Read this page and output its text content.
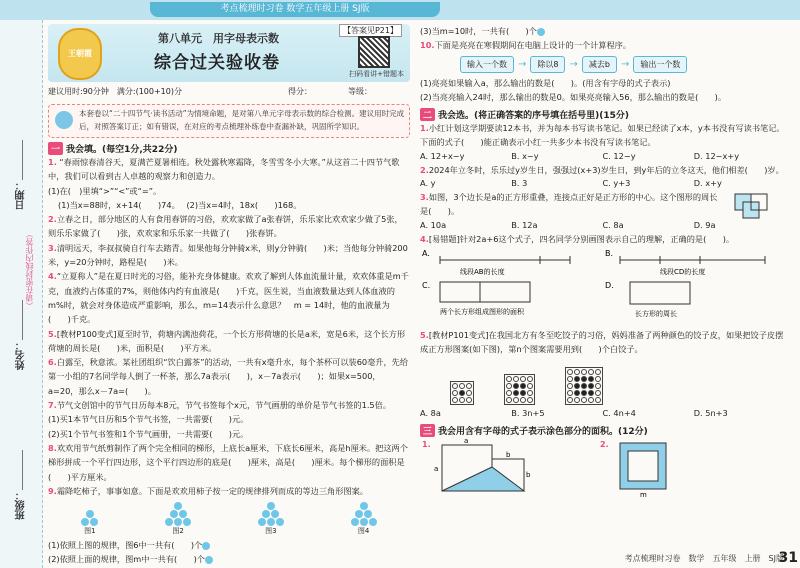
考点梳理时习卷 数学五年级上册 SJ版
日期：
（请在密封线内作答）
姓名：
班级：
王朝霞
第八单元　用字母表示数
综合过关验收卷
【答案见P21】
扫码看讲+错题本
建议用时:90分钟　满分:(100+10)分	得分：	等级：
本套卷以“二十四节气·读书活动”为情境命题，是对第八单元字母表示数的综合检测。建议用时完成后，对照答案订正；如有错误，在对应的考点梳理补练卷中查漏补缺，巩固所学知识。
一 我会填。(每空1分,共22分)
1. “春雨惊春清谷天，夏满芒夏暑相连。秋处露秋寒霜降，冬雪雪冬小大寒。”从这首二十四节气歌中，我们可以看到古人卓越的观察力和创造力。
(1)在(　)里填“>”“<”或“=”。
(1)当x=88时，x+14(　　)74。　 (2)当x=4时，18x(　　)168。
2.立春之日，部分地区的人有食用春饼的习俗，欢欢家做了a张春饼，乐乐家比欢欢家少做了5张，则乐乐家做了(　　)张，欢欢家和乐乐家一共做了(　　)张春饼。
3.清明远天，李叔叔骑自行车去踏青。如果他每分钟骑x米，则y分钟骑(　　)米；当他每分钟骑200米，y=20分钟时，路程是(　　)米。
4.“立夏称人”是在夏日时光的习俗，能补充身体健康。欢欢了解到人体血流量计量，欢欢体重是m千克，血液约占体重的7%，则他体内约有血液是(　　)千克，医生说，当血液数量达到人体血液的m%时，就会对身体造成严重影响，那么，m=14表示什么意思？　m = 14时，他的血液量为(　　)千克。
5.[教材P100变式]夏至时节，荷塘内满池荷花，一个长方形荷塘的长是a米，宽是6米，这个长方形荷塘的周长是(　　)米，面积是(　　)平方米。
6.白露至，秋意浓。某社团组织“饮白露茶”的活动，一共有x毫升水，每个茶杯可以装60毫升，先给第一小组的7名同学每人倒了一杯茶，那么7a表示(　　)，x－7a表示(　　)；如果x=500，a=20，那么x－7a=(　　)。
7.节气文创馆中的节气日历每本8元，节气书签每个x元，节气画册的单价是节气书签的1.5倍。
(1)买1本节气日历和5个节气书签，一共需要(　　)元。
(2)买1个节气书签和1个节气画册，一共需要(　　)元。
8.欢欢用节气纸剪制作了两个完全相同的梯形，上底长a厘米，下底长6厘米，高是h厘米。把这两个梯形拼成一个平行四边形，这个平行四边形的底是(　　)厘米，高是(　　)厘米。每个梯形的面积是(　　)平方厘米。
9.霜降吃柿子，事事如意。下面是欢欢用柿子按一定的规律排列而成的等边三角形图案。
图1	图2	图3	图4
(1)依照上图的规律，图6中一共有(　　)个
(2)依照上面的规律，图m中一共有(　　)个
(3)当m=10时，一共有(　　)个
10.下面是亮亮在寒假期间在电脑上设计的一个计算程序。
输入一个数	→	除以8	→	减去b	→	输出一个数
(1)亮亮如果输入a，那么输出的数是(　　)。(用含有字母的式子表示)
(2)当亮亮输入24时，那么输出的数是0。如果亮亮输入56，那么输出的数是(　　)。
二 我会选。(将正确答案的序号填在括号里)(15分)
1.小红计划这学期要读12本书，并为每本书写读书笔记。如果已经读了x本，y本书没有写读书笔记。下面的式子(　　)能正确表示小红一共多少本书没有写读书笔记。
A. 12+x−y	B. x−y	C. 12−y	D. 12−x+y
2.2024年立冬时，乐乐过y岁生日，强强过(x+3)岁生日，到y年后的立冬这天，他们相差(　　)岁。
A. y	B. 3	C. y+3	D. x+y
3.如图，3个边长是a的正方形重叠，连接点正好是正方形的中心。这个图形的周长是(　　)。
A. 10a	B. 12a	C. 8a	D. 9a
4.[易错题]针对2a+6这个式子，四名同学分别画图表示自己的理解，正确的是(　　)。
A.
线段AB的长度
B.
线段CD的长度
C.
两个长方形组成图形的面积
D.
长方形的周长
5.[教材P101变式]在我国北方有冬至吃饺子的习俗，妈妈准备了两种颜色的饺子皮，如果把饺子皮摆成正方形图案(如下图)，第n个图案需要用到(　　)个白饺子。
A. 8a	B. 3n+5	C. 4n+4	D. 5n+3
三 我会用含有字母的式子表示涂色部分的面积。(12分)
1.
a
a
b
b
2.
m
考点梳理时习卷　数学　五年级　上册　SJ版
31
